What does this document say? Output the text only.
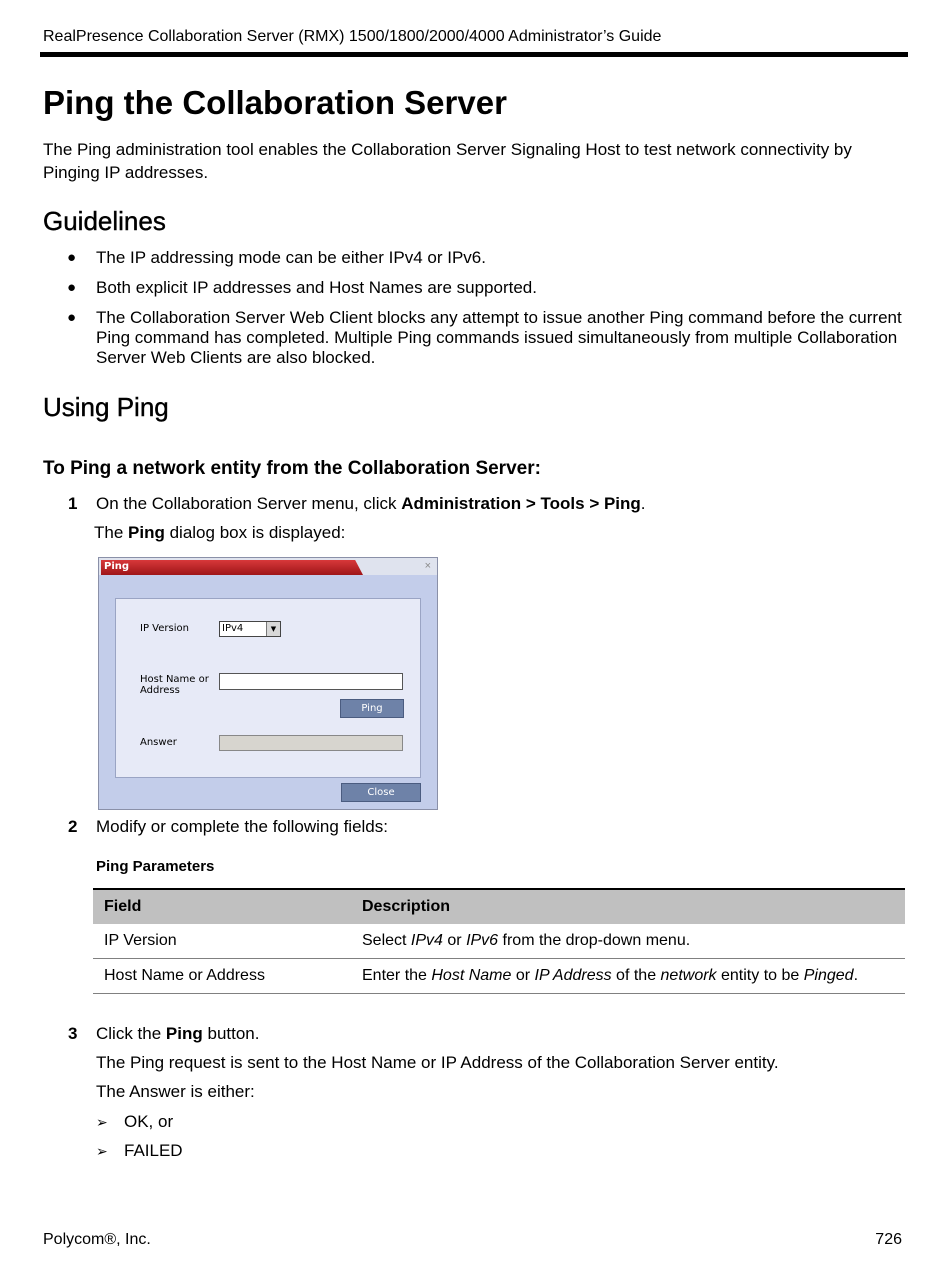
RealPresence Collaboration Server (RMX) 1500/1800/2000/4000 Administrator’s Guide
Ping the Collaboration Server

The Ping administration tool enables the Collaboration Server Signaling Host to test network connectivity by Pinging IP addresses.

Guidelines
● The IP addressing mode can be either IPv4 or IPv6.
● Both explicit IP addresses and Host Names are supported.
● The Collaboration Server Web Client blocks any attempt to issue another Ping command before the current Ping command has completed. Multiple Ping commands issued simultaneously from multiple Collaboration Server Web Clients are also blocked.
Using Ping
To Ping a network entity from the Collaboration Server:
1 On the Collaboration Server menu, click Administration > Tools > Ping.
The Ping dialog box is displayed:
Ping	×
IP Version	IPv4	▼
Host Name or
Address
Ping
Answer
Close
2 Modify or complete the following fields:
Ping Parameters
Field	Description
IP Version	Select IPv4 or IPv6 from the drop-down menu.
Host Name or Address	Enter the Host Name or IP Address of the network entity to be Pinged.
3 Click the Ping button.
The Ping request is sent to the Host Name or IP Address of the Collaboration Server entity.
The Answer is either:
➢ OK, or
➢ FAILED
Polycom®, Inc.	726
